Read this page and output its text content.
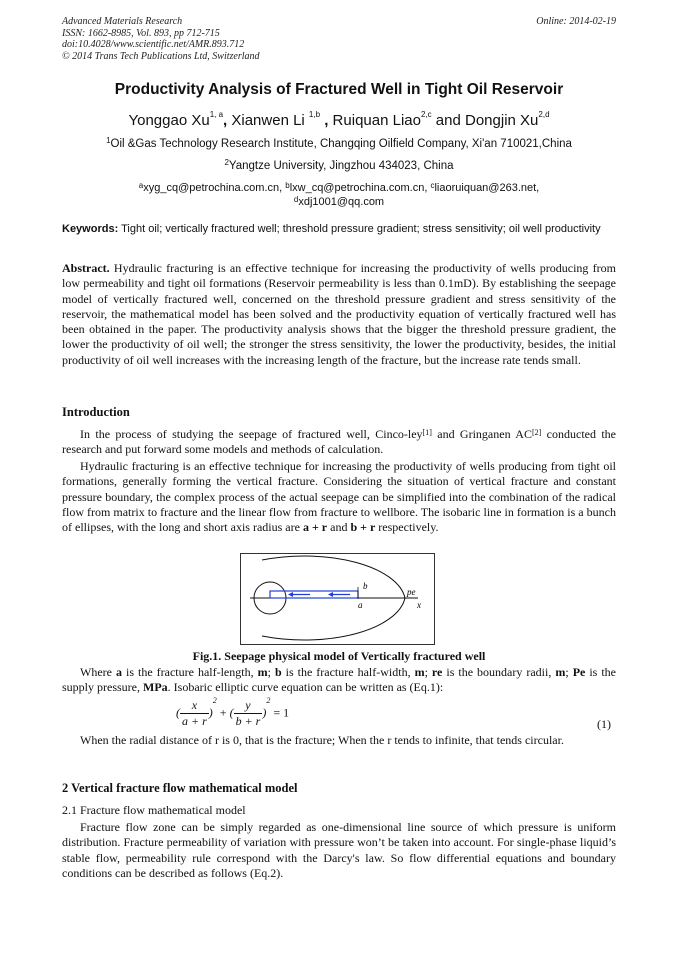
Advanced Materials Research
ISSN: 1662-8985, Vol. 893, pp 712-715
doi:10.4028/www.scientific.net/AMR.893.712
© 2014 Trans Tech Publications Ltd, Switzerland
Online: 2014-02-19
Productivity Analysis of Fractured Well in Tight Oil Reservoir
Yonggao Xu$^{1, a}$, Xianwen Li $^{1,b}$ , Ruiquan Liao$^{2,c}$ and Dongjin Xu$^{2,d}$
$^1$Oil &Gas Technology Research Institute, Changqing Oilfield Company, Xi'an 710021,China
$^2$Yangtze University, Jingzhou 434023, China
$^a$xyg_cq@petrochina.com.cn, $^b$lxw_cq@petrochina.com.cn, $^c$liaoruiquan@263.net,
$^d$xdj1001@qq.com
Keywords: Tight oil; vertically fractured well; threshold pressure gradient; stress sensitivity; oil well productivity
Abstract. Hydraulic fracturing is an effective technique for increasing the productivity of wells producing from low permeability and tight oil formations (Reservoir permeability is less than 0.1mD). By establishing the seepage model of vertically fractured well, concerned on the threshold pressure gradient and stress sensitivity of the reservoir, the mathematical model has been solved and the productivity equation of vertically fractured well has been obtained in the paper. The productivity analysis shows that the bigger the threshold pressure gradient, the lower the productivity of oil well; the stronger the stress sensitivity, the lower the productivity, besides, the initial productivity of oil well increases with the increasing length of the fracture, but the increase rate tends small.
Introduction
In the process of studying the seepage of fractured well, Cinco-ley[1] and Gringanen AC[2] conducted the research and put forward some models and methods of calculation.
Hydraulic fracturing is an effective technique for increasing the productivity of wells producing from tight oil formations, generally forming the vertical fracture. Considering the situation of vertical fracture and constant pressure boundary, the complex process of the actual seepage can be simplified into the combination of the radical flow from matrix to fracture and the linear flow from fracture to wellbore. The isobaric line in formation is a bunch of ellipses, with the long and short axis radius are a + r and b + r respectively.
b
a
pe
x
Fig.1. Seepage physical model of Vertically fractured well
Where a is the fracture half-length, m; b is the fracture half-width, m; re is the boundary radii, m; Pe is the supply pressure, MPa. Isobaric elliptic curve equation can be written as (Eq.1):
( $\frac{x}{a + r} )^2$ + ( $\frac{y}{b + r} )^2 = 1$
(1)
When the radial distance of r is 0, that is the fracture; When the r tends to infinite, that tends circular.
2 Vertical fracture flow mathematical model
2.1 Fracture flow mathematical model
Fracture flow zone can be simply regarded as one-dimensional line source of which pressure is uniform distribution. Fracture permeability of variation with pressure won’t be taken into account. For single-phase liquid’s stable flow, permeability rule correspond with the Darcy's law. So flow differential equations and boundary conditions can be described as follows (Eq.2).
